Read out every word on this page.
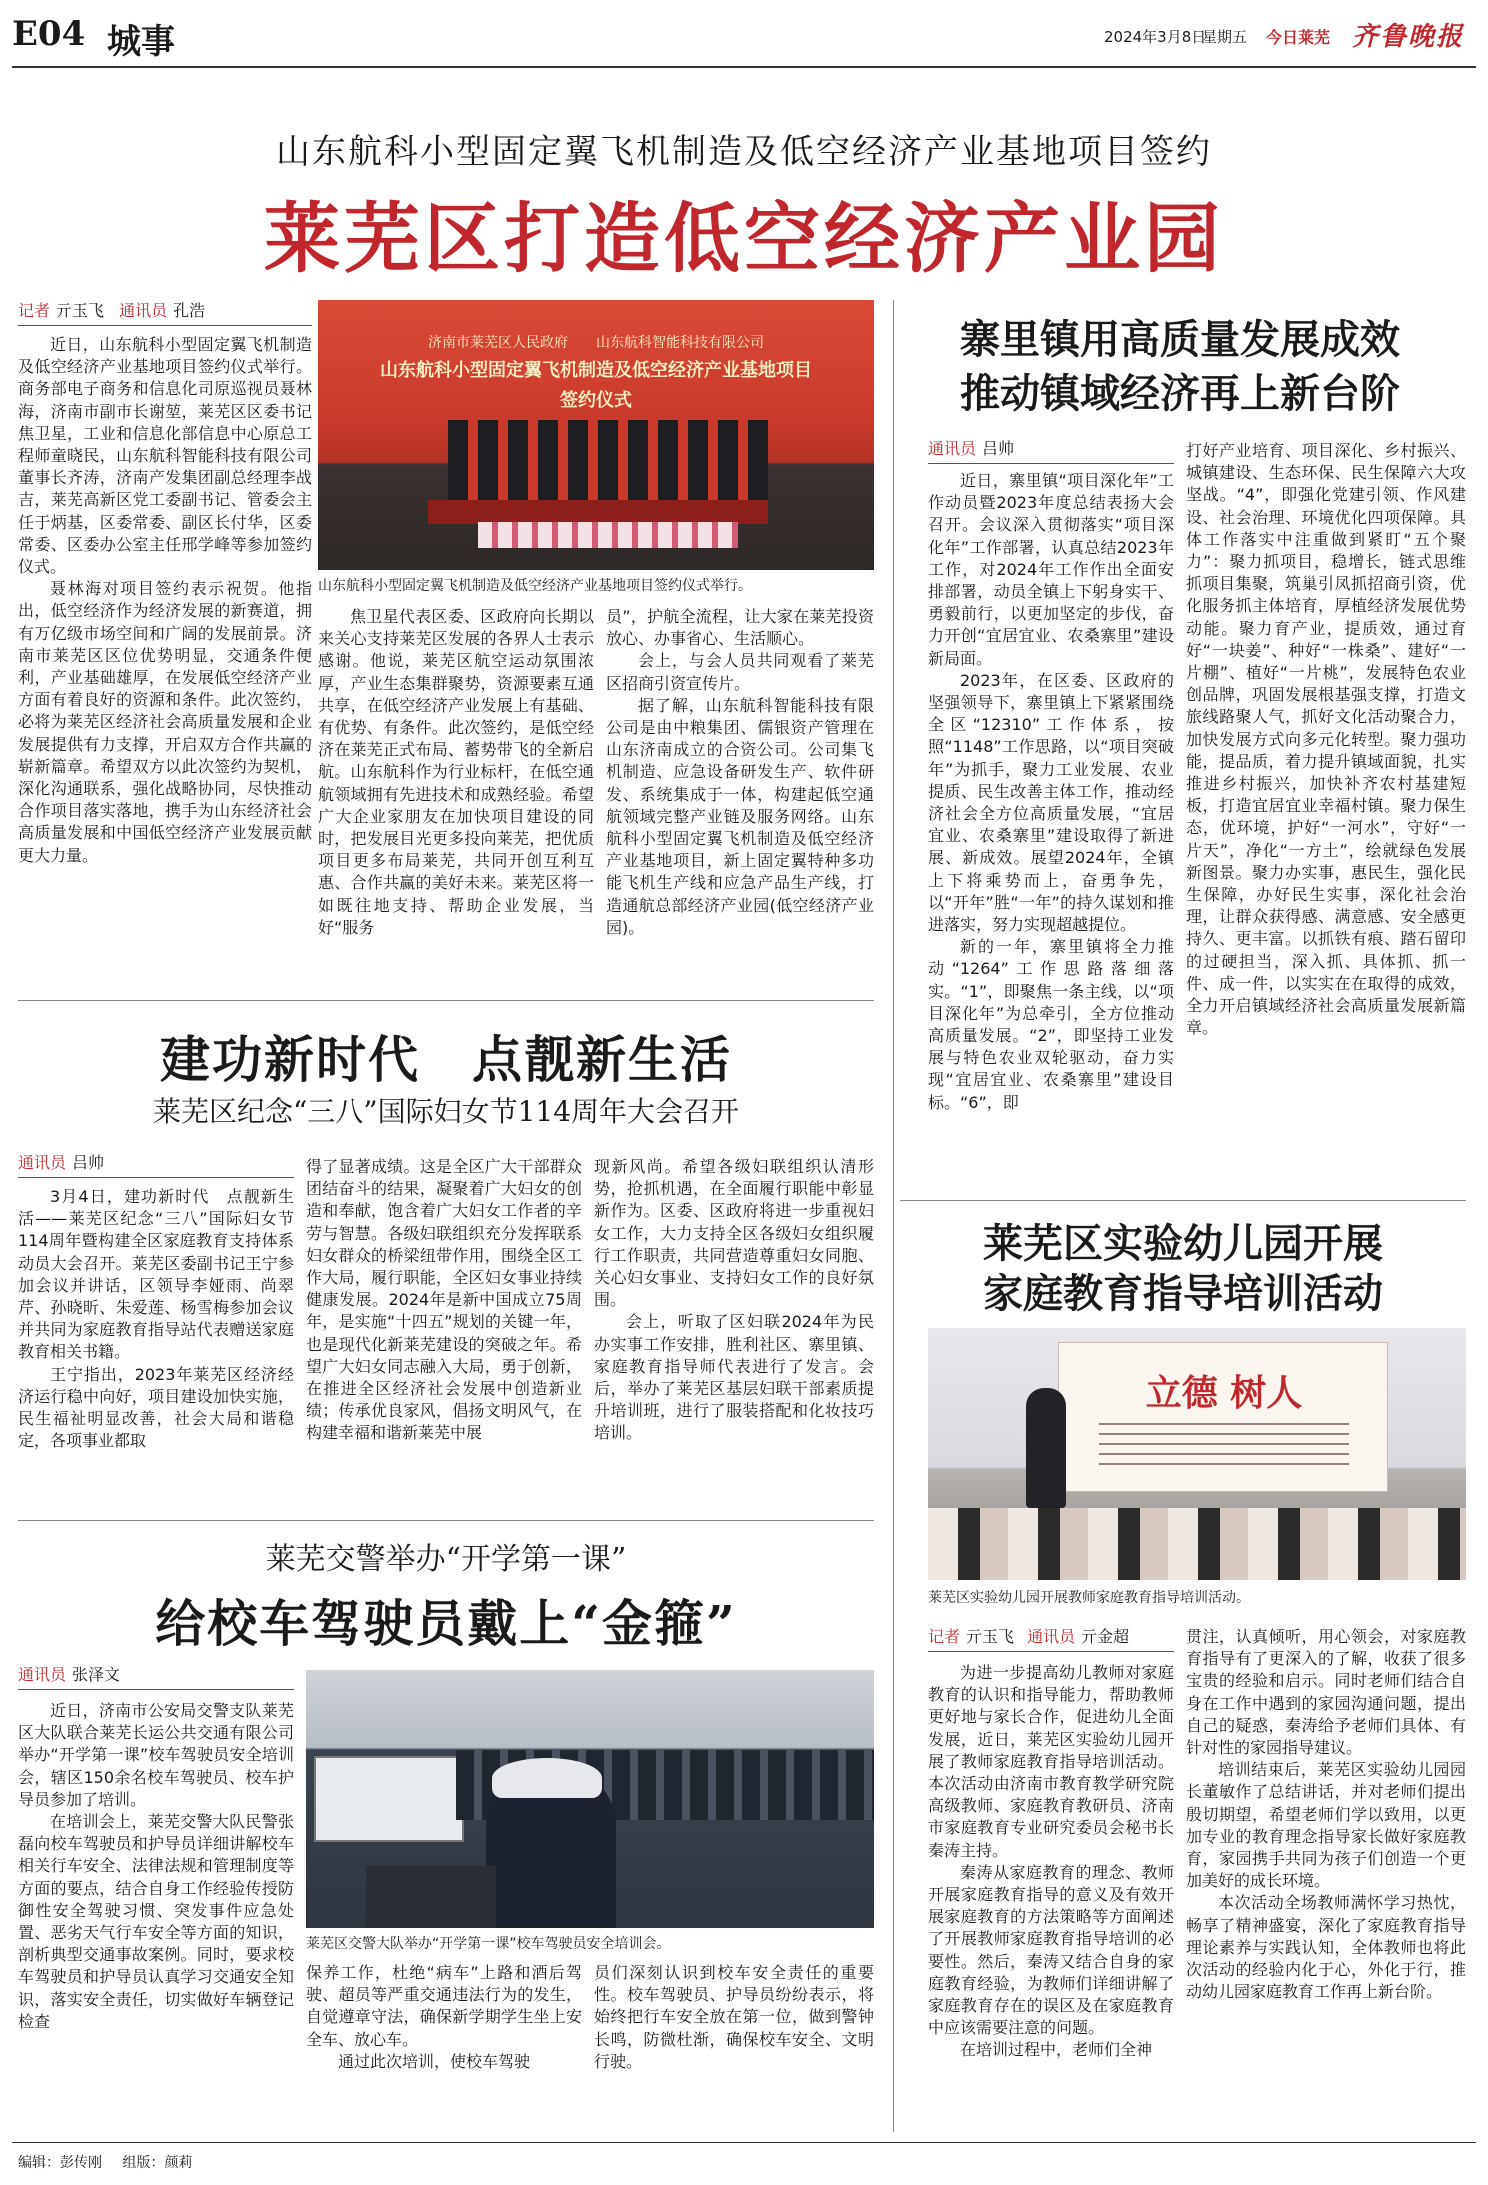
E04 城事	2024年3月8日
星期五 今日莱芜 齐鲁晚报
山东航科小型固定翼飞机制造及低空经济产业基地项目签约
莱芜区打造低空经济产业园
记者 亓玉飞 通讯员 孔浩

近日，山东航科小型固定翼飞机制造及低空经济产业基地项目签约仪式举行。商务部电子商务和信息化司原巡视员聂林海，济南市副市长谢堃，莱芜区区委书记焦卫星，工业和信息化部信息中心原总工程师童晓民，山东航科智能科技有限公司董事长齐涛，济南产发集团副总经理李战吉，莱芜高新区党工委副书记、管委会主任于炳基，区委常委、副区长付华，区委常委、区委办公室主任邢学峰等参加签约仪式。

聂林海对项目签约表示祝贺。他指出，低空经济作为经济发展的新赛道，拥有万亿级市场空间和广阔的发展前景。济南市莱芜区区位优势明显，交通条件便利，产业基础雄厚，在发展低空经济产业方面有着良好的资源和条件。此次签约，必将为莱芜区经济社会高质量发展和企业发展提供有力支撑，开启双方合作共赢的崭新篇章。希望双方以此次签约为契机，深化沟通联系，强化战略协同，尽快推动合作项目落实落地，携手为山东经济社会高质量发展和中国低空经济产业发展贡献更大力量。

济南市莱芜区人民政府　　山东航科智能科技有限公司
山东航科小型固定翼飞机制造及低空经济产业基地项目
签约仪式
山东航科小型固定翼飞机制造及低空经济产业基地项目签约仪式举行。

焦卫星代表区委、区政府向长期以来关心支持莱芜区发展的各界人士表示感谢。他说，莱芜区航空运动氛围浓厚，产业生态集群聚势，资源要素互通共享，在低空经济产业发展上有基础、有优势、有条件。此次签约，是低空经济在莱芜正式布局、蓄势带飞的全新启航。山东航科作为行业标杆，在低空通航领域拥有先进技术和成熟经验。希望广大企业家朋友在加快项目建设的同时，把发展目光更多投向莱芜，把优质项目更多布局莱芜，共同开创互利互惠、合作共赢的美好未来。莱芜区将一如既往地支持、帮助企业发展，当好“服务

员”，护航全流程，让大家在莱芜投资放心、办事省心、生活顺心。

会上，与会人员共同观看了莱芜区招商引资宣传片。

据了解，山东航科智能科技有限公司是由中粮集团、儒银资产管理在山东济南成立的合资公司。公司集飞机制造、应急设备研发生产、软件研发、系统集成于一体，构建起低空通航领域完整产业链及服务网络。山东航科小型固定翼飞机制造及低空经济产业基地项目，新上固定翼特种多功能飞机生产线和应急产品生产线，打造通航总部经济产业园(低空经济产业园)。

寨里镇用高质量发展成效
推动镇域经济再上新台阶
通讯员 吕帅

近日，寨里镇“项目深化年”工作动员暨2023年度总结表扬大会召开。会议深入贯彻落实“项目深化年”工作部署，认真总结2023年工作，对2024年工作作出全面安排部署，动员全镇上下躬身实干、勇毅前行，以更加坚定的步伐，奋力开创“宜居宜业、农桑寨里”建设新局面。

2023年，在区委、区政府的坚强领导下，寨里镇上下紧紧围绕全区“12310”工作体系，按照“1148”工作思路，以“项目突破年”为抓手，聚力工业发展、农业提质、民生改善主体工作，推动经济社会全方位高质量发展，“宜居宜业、农桑寨里”建设取得了新进展、新成效。展望2024年，全镇上下将乘势而上，奋勇争先，以“开年”胜“一年”的持久谋划和推进落实，努力实现超越提位。

新的一年，寨里镇将全力推动“1264”工作思路落细落实。“1”，即聚焦一条主线，以“项目深化年”为总牵引，全方位推动高质量发展。“2”，即坚持工业发展与特色农业双轮驱动，奋力实现“宜居宜业、农桑寨里”建设目标。“6”，即

打好产业培育、项目深化、乡村振兴、城镇建设、生态环保、民生保障六大攻坚战。“4”，即强化党建引领、作风建设、社会治理、环境优化四项保障。具体工作落实中注重做到紧盯“五个聚力”：聚力抓项目，稳增长，链式思维抓项目集聚，筑巢引凤抓招商引资，优化服务抓主体培育，厚植经济发展优势动能。聚力育产业，提质效，通过育好“一块姜”、种好“一株桑”、建好“一片棚”、植好“一片桃”，发展特色农业创品牌，巩固发展根基强支撑，打造文旅线路聚人气，抓好文化活动聚合力，加快发展方式向多元化转型。聚力强功能，提品质，着力提升镇域面貌，扎实推进乡村振兴，加快补齐农村基建短板，打造宜居宜业幸福村镇。聚力保生态，优环境，护好“一河水”，守好“一片天”，净化“一方土”，绘就绿色发展新图景。聚力办实事，惠民生，强化民生保障，办好民生实事，深化社会治理，让群众获得感、满意感、安全感更持久、更丰富。以抓铁有痕、踏石留印的过硬担当，深入抓、具体抓、抓一件、成一件，以实实在在取得的成效，全力开启镇域经济社会高质量发展新篇章。

建功新时代　点靓新生活
莱芜区纪念“三八”国际妇女节114周年大会召开
通讯员 吕帅

3月4日，建功新时代　点靓新生活——莱芜区纪念“三八”国际妇女节114周年暨构建全区家庭教育支持体系动员大会召开。莱芜区委副书记王宁参加会议并讲话，区领导李娅雨、尚翠芹、孙晓昕、朱爱莲、杨雪梅参加会议并共同为家庭教育指导站代表赠送家庭教育相关书籍。

王宁指出，2023年莱芜区经济经济运行稳中向好，项目建设加快实施，民生福祉明显改善，社会大局和谐稳定，各项事业都取

得了显著成绩。这是全区广大干部群众团结奋斗的结果，凝聚着广大妇女的创造和奉献，饱含着广大妇女工作者的辛劳与智慧。各级妇联组织充分发挥联系妇女群众的桥梁纽带作用，围绕全区工作大局，履行职能，全区妇女事业持续健康发展。2024年是新中国成立75周年，是实施“十四五”规划的关键一年，也是现代化新莱芜建设的突破之年。希望广大妇女同志融入大局，勇于创新，在推进全区经济社会发展中创造新业绩；传承优良家风，倡扬文明风气，在构建幸福和谐新莱芜中展

现新风尚。希望各级妇联组织认清形势，抢抓机遇，在全面履行职能中彰显新作为。区委、区政府将进一步重视妇女工作，大力支持全区各级妇女组织履行工作职责，共同营造尊重妇女同胞、关心妇女事业、支持妇女工作的良好氛围。

会上，听取了区妇联2024年为民办实事工作安排，胜利社区、寨里镇、家庭教育指导师代表进行了发言。会后，举办了莱芜区基层妇联干部素质提升培训班，进行了服装搭配和化妆技巧培训。

莱芜区实验幼儿园开展
家庭教育指导培训活动
立德 树人
莱芜区实验幼儿园开展教师家庭教育指导培训活动。
记者 亓玉飞 通讯员 亓金超

为进一步提高幼儿教师对家庭教育的认识和指导能力，帮助教师更好地与家长合作，促进幼儿全面发展，近日，莱芜区实验幼儿园开展了教师家庭教育指导培训活动。本次活动由济南市教育教学研究院高级教师、家庭教育教研员、济南市家庭教育专业研究委员会秘书长秦涛主持。

秦涛从家庭教育的理念、教师开展家庭教育指导的意义及有效开展家庭教育的方法策略等方面阐述了开展教师家庭教育指导培训的必要性。然后，秦涛又结合自身的家庭教育经验，为教师们详细讲解了家庭教育存在的误区及在家庭教育中应该需要注意的问题。

在培训过程中，老师们全神

贯注，认真倾听，用心领会，对家庭教育指导有了更深入的了解，收获了很多宝贵的经验和启示。同时老师们结合自身在工作中遇到的家园沟通问题，提出自己的疑惑，秦涛给予老师们具体、有针对性的家园指导建议。

培训结束后，莱芜区实验幼儿园园长董敏作了总结讲话，并对老师们提出殷切期望，希望老师们学以致用，以更加专业的教育理念指导家长做好家庭教育，家园携手共同为孩子们创造一个更加美好的成长环境。

本次活动全场教师满怀学习热忱，畅享了精神盛宴，深化了家庭教育指导理论素养与实践认知，全体教师也将此次活动的经验内化于心，外化于行，推动幼儿园家庭教育工作再上新台阶。

莱芜交警举办“开学第一课”
给校车驾驶员戴上“金箍”
通讯员 张泽文

近日，济南市公安局交警支队莱芜区大队联合莱芜长运公共交通有限公司举办“开学第一课”校车驾驶员安全培训会，辖区150余名校车驾驶员、校车护导员参加了培训。

在培训会上，莱芜交警大队民警张磊向校车驾驶员和护导员详细讲解校车相关行车安全、法律法规和管理制度等方面的要点，结合自身工作经验传授防御性安全驾驶习惯、突发事件应急处置、恶劣天气行车安全等方面的知识，剖析典型交通事故案例。同时，要求校车驾驶员和护导员认真学习交通安全知识，落实安全责任，切实做好车辆登记检查

莱芜区交警大队举办“开学第一课”校车驾驶员安全培训会。

保养工作，杜绝“病车”上路和酒后驾驶、超员等严重交通违法行为的发生，自觉遵章守法，确保新学期学生坐上安全车、放心车。

通过此次培训，使校车驾驶

员们深刻认识到校车安全责任的重要性。校车驾驶员、护导员纷纷表示，将始终把行车安全放在第一位，做到警钟长鸣，防微杜渐，确保校车安全、文明行驶。

编辑：彭传刚 组版：颜莉
